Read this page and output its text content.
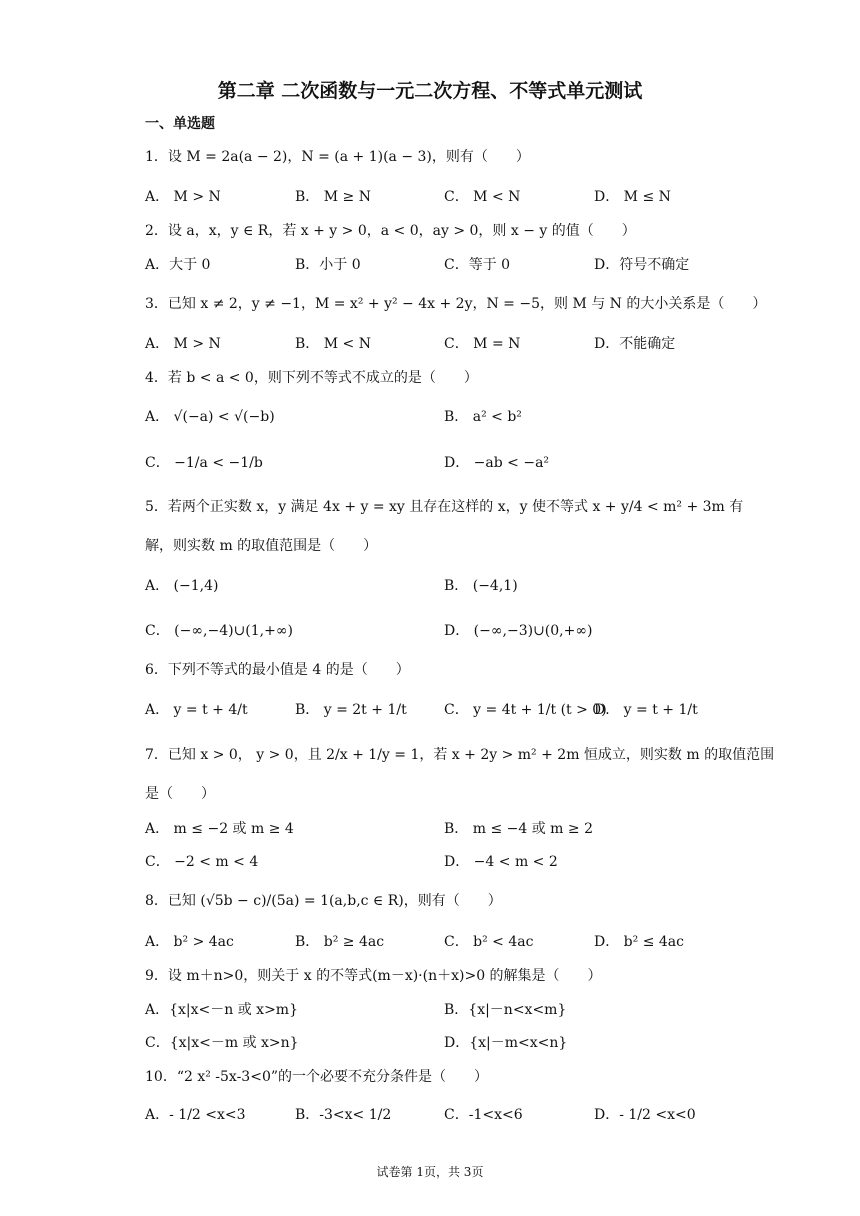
第二章 二次函数与一元二次方程、不等式单元测试
一、单选题
1．设 M = 2a(a − 2)，N = (a + 1)(a − 3)，则有（　　）
A． M > N	B． M ≥ N	C． M < N	D． M ≤ N
2．设 a，x，y ∈ R，若 x + y > 0，a < 0，ay > 0，则 x − y 的值（　　）
A．大于 0	B．小于 0	C．等于 0	D．符号不确定
3．已知 x ≠ 2，y ≠ −1，M = x² + y² − 4x + 2y，N = −5，则 M 与 N 的大小关系是（　　）
A． M > N	B． M < N	C． M = N	D．不能确定
4．若 b < a < 0，则下列不等式不成立的是（　　）
A． √(−a) < √(−b)	B． a² < b²
C． −1/a < −1/b	D． −ab < −a²
5．若两个正实数 x，y 满足 4x + y = xy 且存在这样的 x，y 使不等式 x + y/4 < m² + 3m 有
解，则实数 m 的取值范围是（　　）
A． (−1,4)	B． (−4,1)
C． (−∞,−4)∪(1,+∞)	D． (−∞,−3)∪(0,+∞)
6．下列不等式的最小值是 4 的是（　　）
A． y = t + 4/t	B． y = 2t + 1/t	C． y = 4t + 1/t (t > 0)
D． y = t + 1/t
7．已知 x > 0， y > 0，且 2/x + 1/y = 1，若 x + 2y > m² + 2m 恒成立，则实数 m 的取值范围
是（　　）
A． m ≤ −2 或 m ≥ 4	B． m ≤ −4 或 m ≥ 2
C． −2 < m < 4	D． −4 < m < 2
8．已知 (√5b − c)/(5a) = 1(a,b,c ∈ R)，则有（　　）
A． b² > 4ac	B． b² ≥ 4ac	C． b² < 4ac	D． b² ≤ 4ac
9．设 m＋n>0，则关于 x 的不等式(m－x)·(n＋x)>0 的解集是（　　）
A．{x|x<－n 或 x>m}	B．{x|－n<x<m}
C．{x|x<－m 或 x>n}	D．{x|－m<x<n}
10．“2 x² -5x-3<0”的一个必要不充分条件是（　　）
A．- 1/2 <x<3	B．-3<x< 1/2	C．-1<x<6	D．- 1/2 <x<0
试卷第 1页，共 3页
